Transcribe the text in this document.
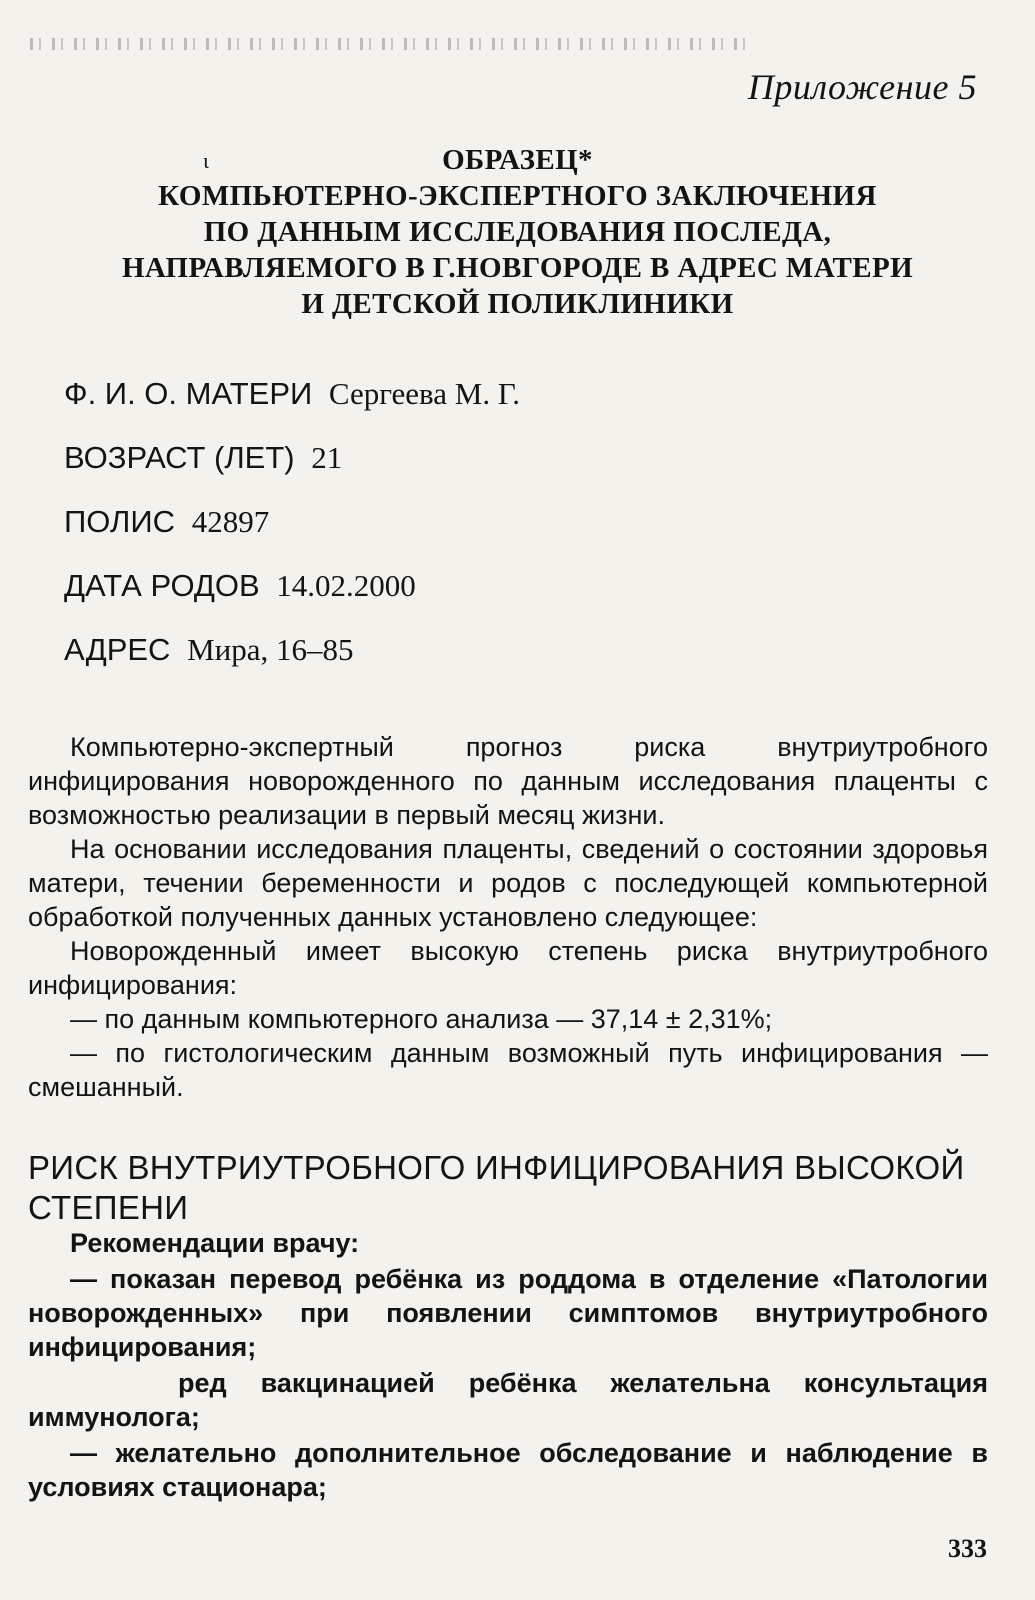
Приложение 5
ι	ОБРАЗЕЦ*
КОМПЬЮТЕРНО-ЭКСПЕРТНОГО ЗАКЛЮЧЕНИЯ
ПО ДАННЫМ ИССЛЕДОВАНИЯ ПОСЛЕДА,
НАПРАВЛЯЕМОГО В Г.НОВГОРОДЕ В АДРЕС МАТЕРИ
И ДЕТСКОЙ ПОЛИКЛИНИКИ
Ф. И. О. МАТЕРИ Сергеева М. Г.
ВОЗРАСТ (ЛЕТ) 21
ПОЛИС 42897
ДАТА РОДОВ 14.02.2000
АДРЕС Мира, 16–85

Компьютерно-экспертный прогноз риска внутриутробного инфицирования новорожденного по данным исследования плаценты с возможностью реализации в первый месяц жизни.

На основании исследования плаценты, сведений о состоянии здоровья матери, течении беременности и родов с последующей компьютерной обработкой полученных данных установлено следующее:

Новорожденный имеет высокую степень риска внутриутробного инфицирования:

— по данным компьютерного анализа — 37,14 ± 2,31%;

— по гистологическим данным возможный путь инфицирования — смешанный.

РИСК ВНУТРИУТРОБНОГО ИНФИЦИРОВАНИЯ ВЫСОКОЙ СТЕПЕНИ

Рекомендации врачу:

— показан перевод ребёнка из роддома в отделение «Патологии новорожденных» при появлении симптомов внутриутробного инфицирования;

ред вакцинацией ребёнка желательна консультация иммунолога;

— желательно дополнительное обследование и наблюдение в условиях стационара;

333
